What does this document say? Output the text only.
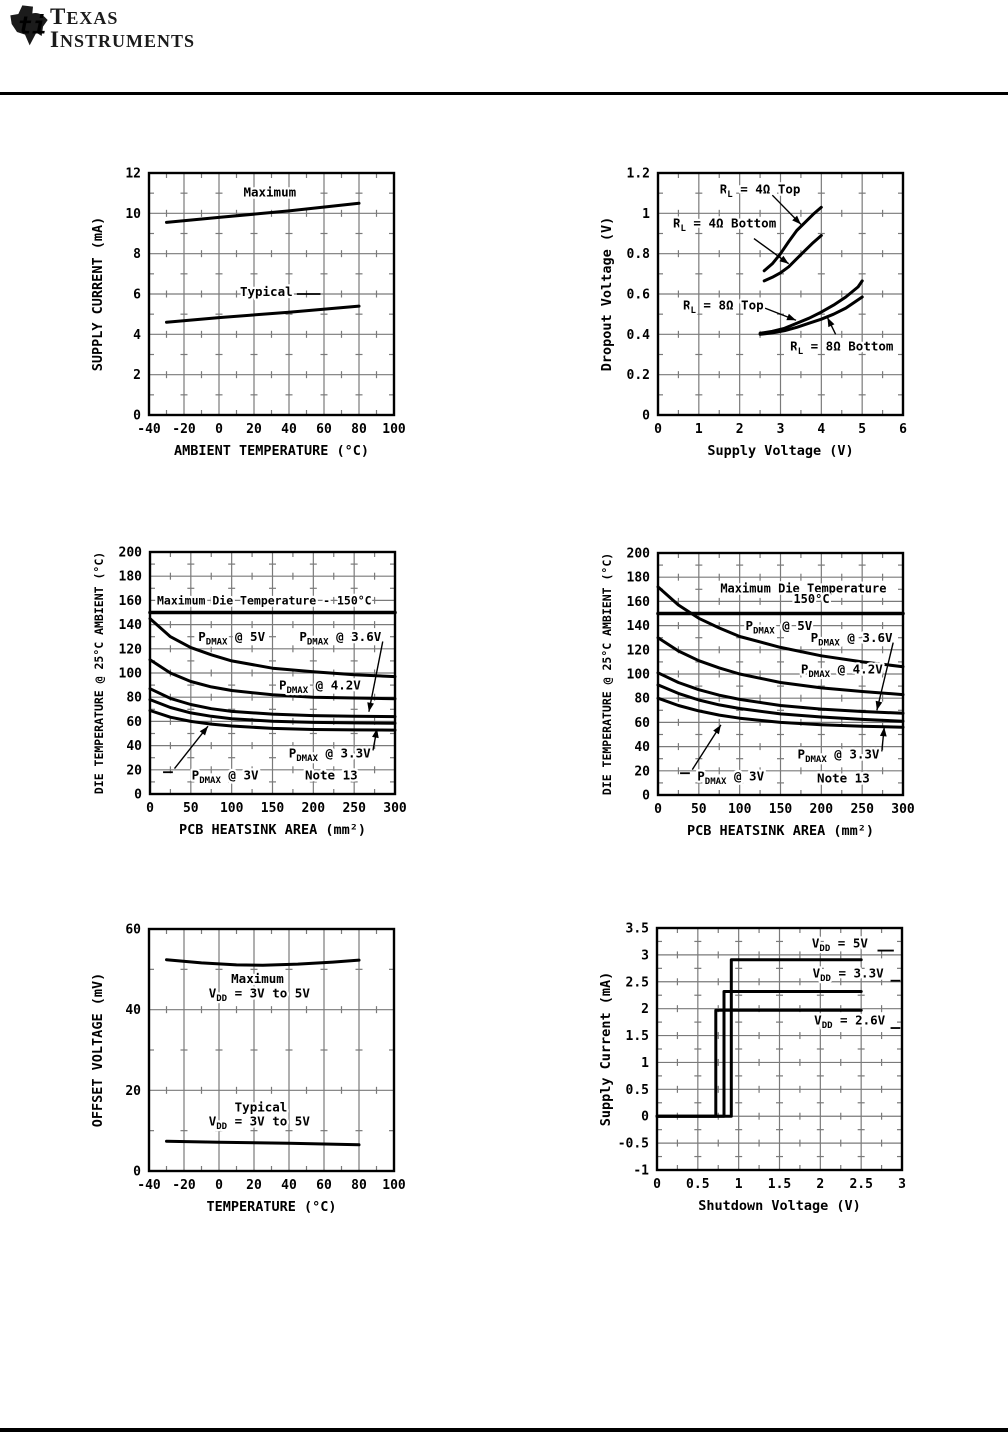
ti TEXAS
INSTRUMENTS
Maximum
Typical
-40 -20 0 20 40 60 80 100
0
2
4
6
8
10
12
AMBIENT TEMPERATURE (°C)
SUPPLY CURRENT (mA)
$R_L = 4\Omega$ Top
$R_L = 4\Omega$ Bottom
$R_L = 8\Omega$ Top
$R_L = 8\Omega$ Bottom
0	1	2	3	4	5	6
0
0.2
0.4
0.6
0.8
1
1.2
Supply Voltage (V)
Dropout Voltage (V)
Maximum Die Temperature - 150°C
$P_{DMAX}$ @ 5V	$P_{DMAX}$ @ 3.6V
$P_{DMAX}$ @ 4.2V
$P_{DMAX}$ @ 3.3V
$P_{DMAX}$ @ 3V	Note 13
0 50 100 150 200 250 300
0
20
40
60
80
100
120
140
160
180
200
PCB HEATSINK AREA (mm²)
DIE TEMPERATURE @ 25°C AMBIENT (°C)	Maximum Die Temperature
150°C
$P_{DMAX}$ @ 5V
$P_{DMAX}$ @ 3.6V
$P_{DMAX}$ @ 4.2V
$P_{DMAX}$ @ 3.3V
$P_{DMAX}$ @ 3V	Note 13
0 50 100 150 200 250 300
0
20
40
60
80
100
120
140
160
180
200
PCB HEATSINK AREA (mm²)
DIE TEMPERATURE @ 25°C AMBIENT (°C)
Maximum
$V_{DD} = 3V$ to 5V
Typical
$V_{DD} = 3V$ to 5V
-40 -20 0 20 40 60 80 100
0
20
40
60
TEMPERATURE (°C)
OFFSET VOLTAGE (mV)
$V_{DD} = 5V$
$V_{DD} = 3.3V$
$V_{DD} = 2.6V$
0 0.5 1 1.5 2 2.5 3
-1
-0.5
0
0.5
1
1.5
2
2.5
3
3.5
Shutdown Voltage (V)
Supply Current (mA)
